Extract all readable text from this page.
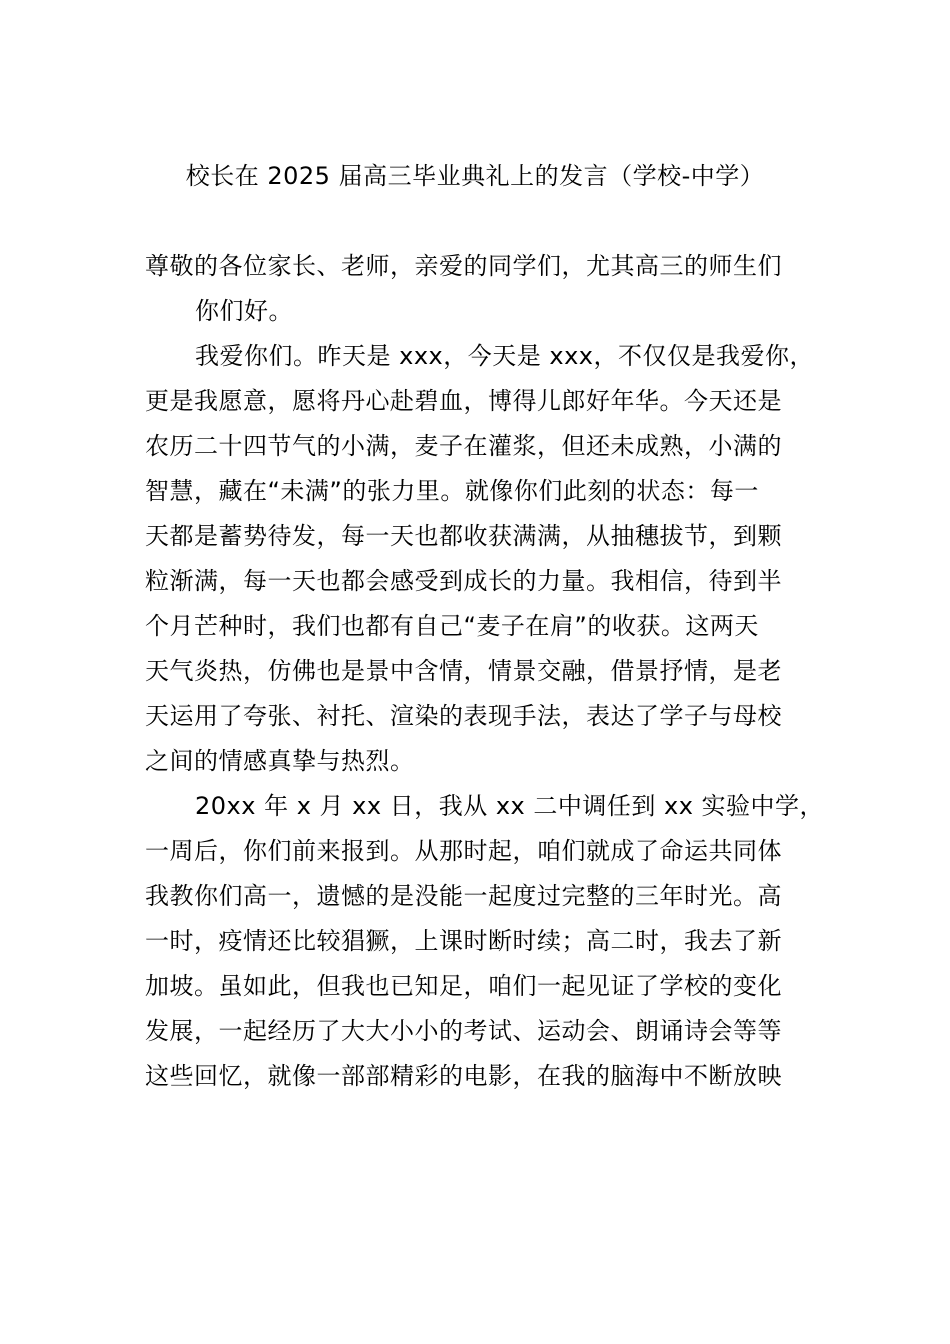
校长在 2025 届高三毕业典礼上的发言（学校-中学）
尊敬的各位家长、老师，亲爱的同学们，尤其高三的师生们
你们好。
我爱你们。昨天是 xxx，今天是 xxx，不仅仅是我爱你，
更是我愿意，愿将丹心赴碧血，博得儿郎好年华。今天还是
农历二十四节气的小满，麦子在灌浆，但还未成熟，小满的
智慧，藏在“未满”的张力里。就像你们此刻的状态：每一
天都是蓄势待发，每一天也都收获满满，从抽穗拔节，到颗
粒渐满，每一天也都会感受到成长的力量。我相信，待到半
个月芒种时，我们也都有自己“麦子在肩”的收获。这两天
天气炎热，仿佛也是景中含情，情景交融，借景抒情，是老
天运用了夸张、衬托、渲染的表现手法，表达了学子与母校
之间的情感真挚与热烈。
20xx 年 x 月 xx 日，我从 xx 二中调任到 xx 实验中学，
一周后，你们前来报到。从那时起，咱们就成了命运共同体
我教你们高一，遗憾的是没能一起度过完整的三年时光。高
一时，疫情还比较猖獗，上课时断时续；高二时，我去了新
加坡。虽如此，但我也已知足，咱们一起见证了学校的变化
发展，一起经历了大大小小的考试、运动会、朗诵诗会等等
这些回忆，就像一部部精彩的电影，在我的脑海中不断放映
